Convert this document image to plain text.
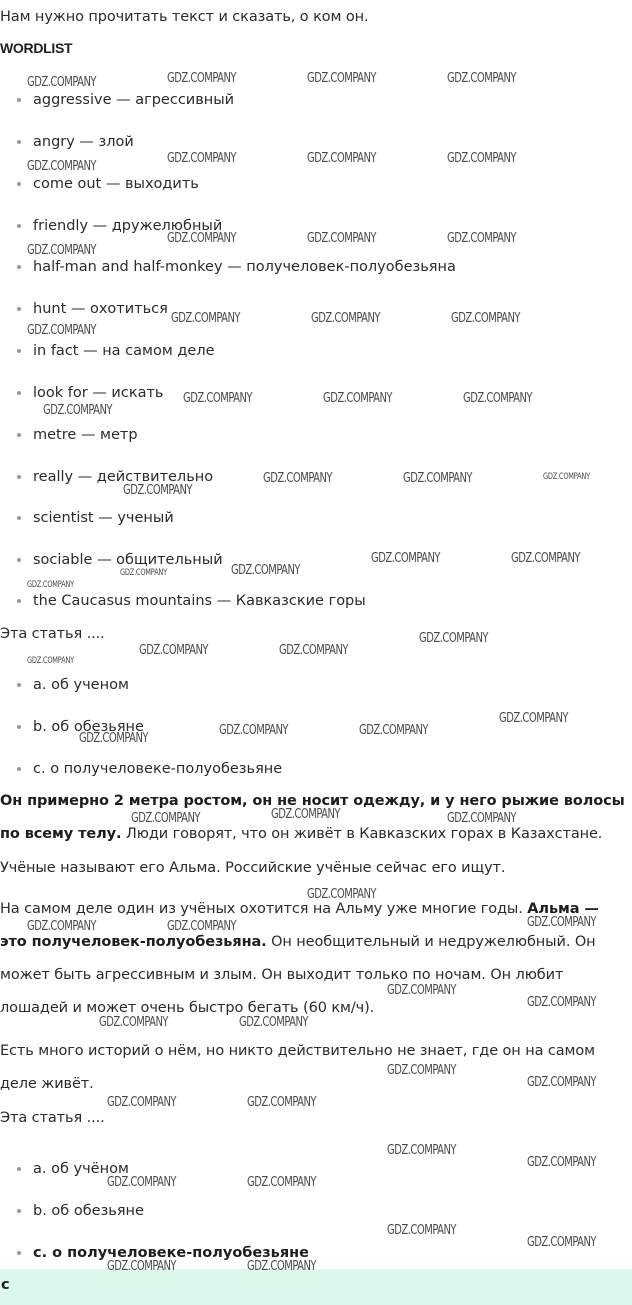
Нам нужно прочитать текст и сказать, о ком он.

WORDLIST
aggressive — агрессивный
angry — злой
come out — выходить
friendly — дружелюбный
half-man and half-monkey — получеловек-полуобезьяна
hunt — охотиться
in fact — на самом деле
look for — искать
metre — метр
really — действительно
scientist — ученый
sociable — общительный
the Caucasus mountains — Кавказские горы

Эта статья ....

a. об ученом
b. об обезьяне
c. о получеловеке-полуобезьяне

Он примерно 2 метра ростом, он не носит одежду, и у него рыжие волосы по всему телу. Люди говорят, что он живёт в Кавказских горах в Казахстане.

Учёные называют его Альма. Российские учёные сейчас его ищут.

На самом деле один из учёных охотится на Альму уже многие годы. Альма — это получеловек-полуобезьяна. Он необщительный и недружелюбный. Он может быть агрессивным и злым. Он выходит только по ночам. Он любит лошадей и может очень быстро бегать (60 км/ч).

Есть много историй о нём, но никто действительно не знает, где он на самом деле живёт.

Эта статья ....

a. об учёном
b. об обезьяне
c. о получеловеке-полуобезьяне
c
GDZ.COMPANY	GDZ.COMPANY	GDZ.COMPANY	GDZ.COMPANY
GDZ.COMPANY	GDZ.COMPANY	GDZ.COMPANY	GDZ.COMPANY
GDZ.COMPANY
GDZ.COMPANY	GDZ.COMPANY	GDZ.COMPANY
GDZ.COMPANY
GDZ.COMPANY	GDZ.COMPANY	GDZ.COMPANY
GDZ.COMPANY
GDZ.COMPANY	GDZ.COMPANY	GDZ.COMPANY
GDZ.COMPANY
GDZ.COMPANY	GDZ.COMPANY	GDZ.COMPANY
GDZ.COMPANY	GDZ.COMPANY
GDZ.COMPANY	GDZ.COMPANY
GDZ.COMPANY
GDZ.COMPANY
GDZ.COMPANY
GDZ.COMPANY	GDZ.COMPANY
GDZ.COMPANY
GDZ.COMPANY	GDZ.COMPANY	GDZ.COMPANY
GDZ.COMPANY	GDZ.COMPANY	GDZ.COMPANY
GDZ.COMPANY
GDZ.COMPANY
GDZ.COMPANY	GDZ.COMPANY
GDZ.COMPANY
GDZ.COMPANY
GDZ.COMPANY	GDZ.COMPANY
GDZ.COMPANY
GDZ.COMPANY
GDZ.COMPANY	GDZ.COMPANY
GDZ.COMPANY
GDZ.COMPANY
GDZ.COMPANY	GDZ.COMPANY
GDZ.COMPANY
GDZ.COMPANY
GDZ.COMPANY	GDZ.COMPANY
